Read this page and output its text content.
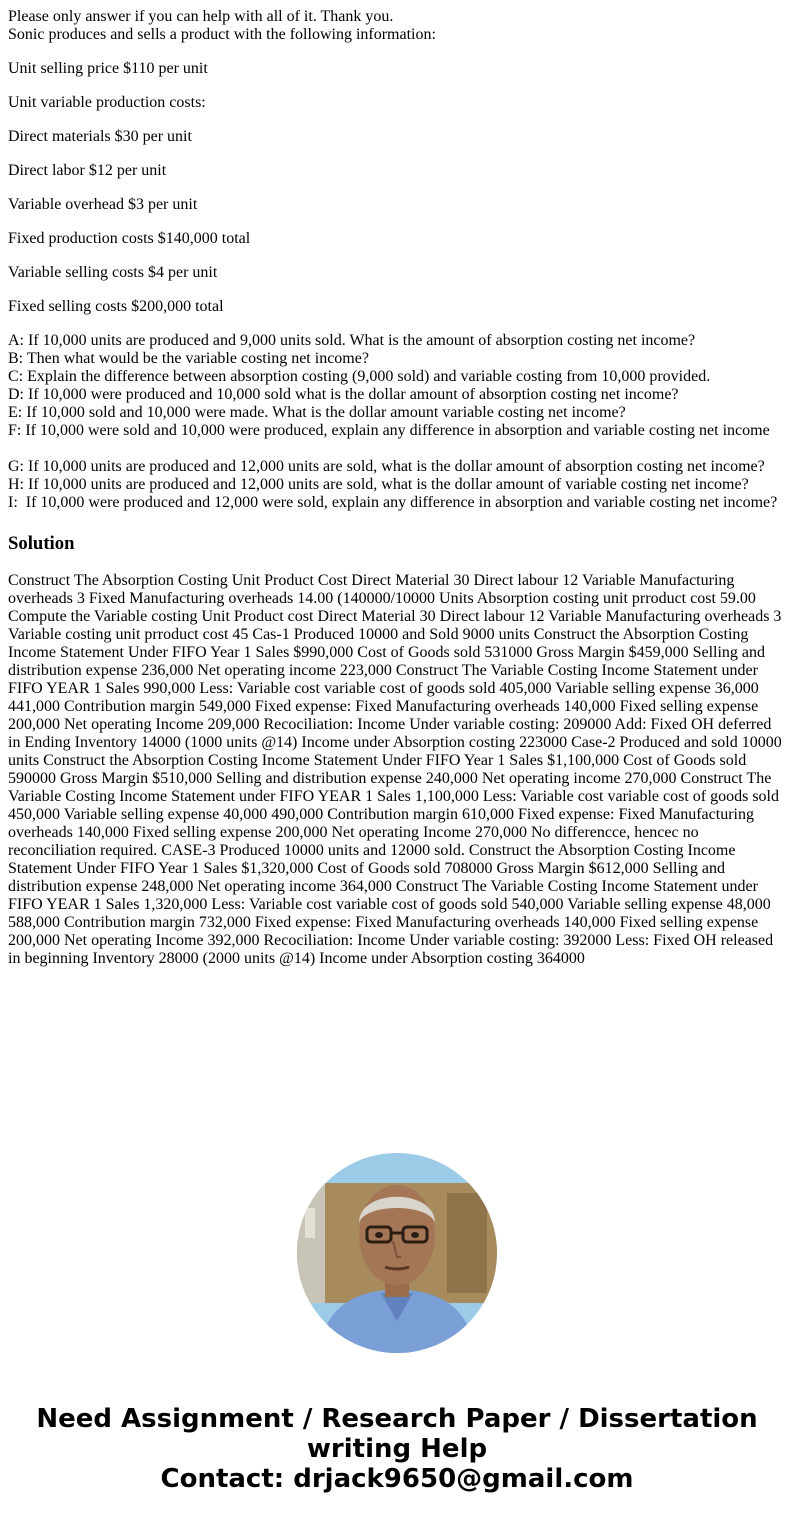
Please only answer if you can help with all of it. Thank you.
Sonic produces and sells a product with the following information:
Unit selling price $110 per unit
Unit variable production costs:
Direct materials $30 per unit
Direct labor $12 per unit
Variable overhead $3 per unit
Fixed production costs $140,000 total
Variable selling costs $4 per unit
Fixed selling costs $200,000 total
A: If 10,000 units are produced and 9,000 units sold. What is the amount of absorption costing net income?
B: Then what would be the variable costing net income?
C: Explain the difference between absorption costing (9,000 sold) and variable costing from 10,000 provided.
D: If 10,000 were produced and 10,000 sold what is the dollar amount of absorption costing net income?
E: If 10,000 sold and 10,000 were made. What is the dollar amount variable costing net income?
F: If 10,000 were sold and 10,000 were produced, explain any difference in absorption and variable costing net income
G: If 10,000 units are produced and 12,000 units are sold, what is the dollar amount of absorption costing net income?
H: If 10,000 units are produced and 12,000 units are sold, what is the dollar amount of variable costing net income?
I:  If 10,000 were produced and 12,000 were sold, explain any difference in absorption and variable costing net income?
Solution
Construct The Absorption Costing Unit Product Cost Direct Material 30 Direct labour 12 Variable Manufacturing overheads 3 Fixed Manufacturing overheads 14.00 (140000/10000 Units Absorption costing unit prroduct cost 59.00 Compute the Variable costing Unit Product cost Direct Material 30 Direct labour 12 Variable Manufacturing overheads 3 Variable costing unit prroduct cost 45 Cas-1 Produced 10000 and Sold 9000 units Construct the Absorption Costing Income Statement Under FIFO Year 1 Sales $990,000 Cost of Goods sold 531000 Gross Margin $459,000 Selling and distribution expense 236,000 Net operating income 223,000 Construct The Variable Costing Income Statement under FIFO YEAR 1 Sales 990,000 Less: Variable cost variable cost of goods sold 405,000 Variable selling expense 36,000 441,000 Contribution margin 549,000 Fixed expense: Fixed Manufacturing overheads 140,000 Fixed selling expense 200,000 Net operating Income 209,000 Recociliation: Income Under variable costing: 209000 Add: Fixed OH deferred in Ending Inventory 14000 (1000 units @14) Income under Absorption costing 223000 Case-2 Produced and sold 10000 units Construct the Absorption Costing Income Statement Under FIFO Year 1 Sales $1,100,000 Cost of Goods sold 590000 Gross Margin $510,000 Selling and distribution expense 240,000 Net operating income 270,000 Construct The Variable Costing Income Statement under FIFO YEAR 1 Sales 1,100,000 Less: Variable cost variable cost of goods sold 450,000 Variable selling expense 40,000 490,000 Contribution margin 610,000 Fixed expense: Fixed Manufacturing overheads 140,000 Fixed selling expense 200,000 Net operating Income 270,000 No differencce, hencec no reconciliation required. CASE-3 Produced 10000 units and 12000 sold. Construct the Absorption Costing Income Statement Under FIFO Year 1 Sales $1,320,000 Cost of Goods sold 708000 Gross Margin $612,000 Selling and distribution expense 248,000 Net operating income 364,000 Construct The Variable Costing Income Statement under FIFO YEAR 1 Sales 1,320,000 Less: Variable cost variable cost of goods sold 540,000 Variable selling expense 48,000 588,000 Contribution margin 732,000 Fixed expense: Fixed Manufacturing overheads 140,000 Fixed selling expense 200,000 Net operating Income 392,000 Recociliation: Income Under variable costing: 392000 Less: Fixed OH released in beginning Inventory 28000 (2000 units @14) Income under Absorption costing 364000
Need Assignment / Research Paper / Dissertation
writing Help
Contact: drjack9650@gmail.com
